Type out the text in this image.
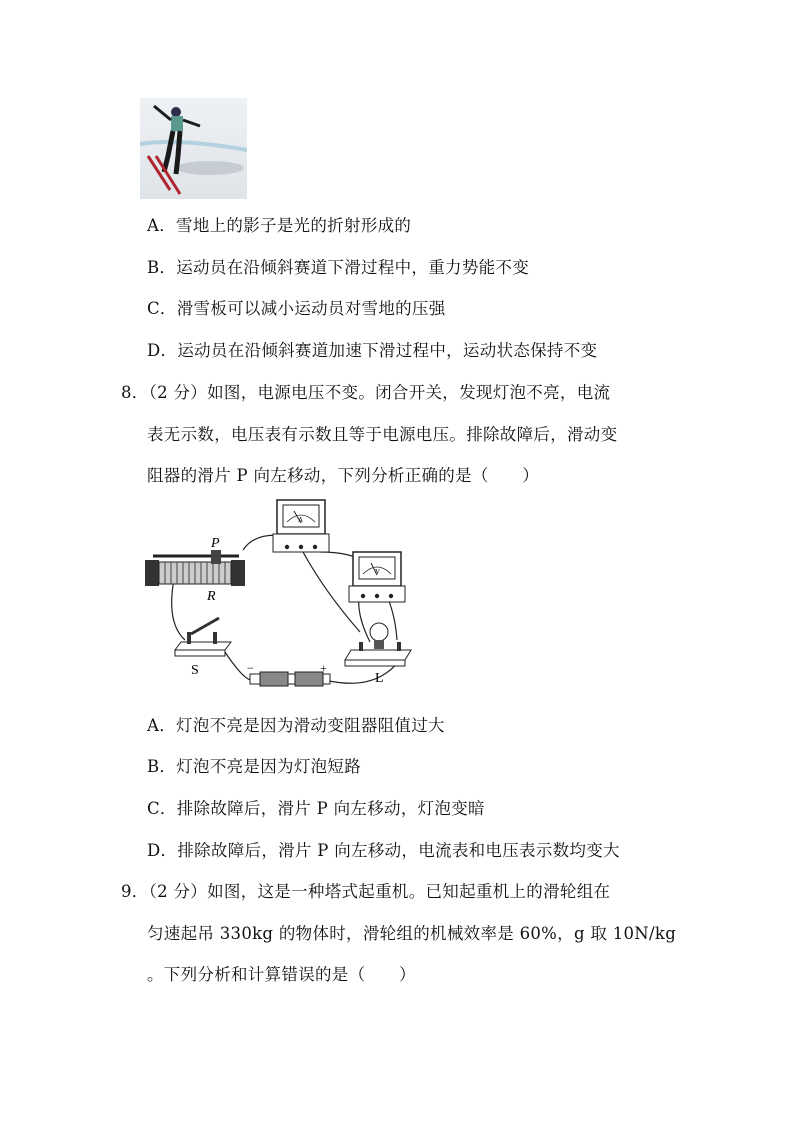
A．雪地上的影子是光的折射形成的
B．运动员在沿倾斜赛道下滑过程中，重力势能不变
C．滑雪板可以减小运动员对雪地的压强
D．运动员在沿倾斜赛道加速下滑过程中，运动状态保持不变
8．（2 分）如图，电源电压不变。闭合开关，发现灯泡不亮，电流
表无示数，电压表有示数且等于电源电压。排除故障后，滑动变
阻器的滑片 P 向左移动，下列分析正确的是（　　）
A
V
P
R
S	−	+
L
A．灯泡不亮是因为滑动变阻器阻值过大
B．灯泡不亮是因为灯泡短路
C．排除故障后，滑片 P 向左移动，灯泡变暗
D．排除故障后，滑片 P 向左移动，电流表和电压表示数均变大
9．（2 分）如图，这是一种塔式起重机。已知起重机上的滑轮组在
匀速起吊 330kg 的物体时，滑轮组的机械效率是 60%，g 取 10N/kg
。下列分析和计算错误的是（　　）
